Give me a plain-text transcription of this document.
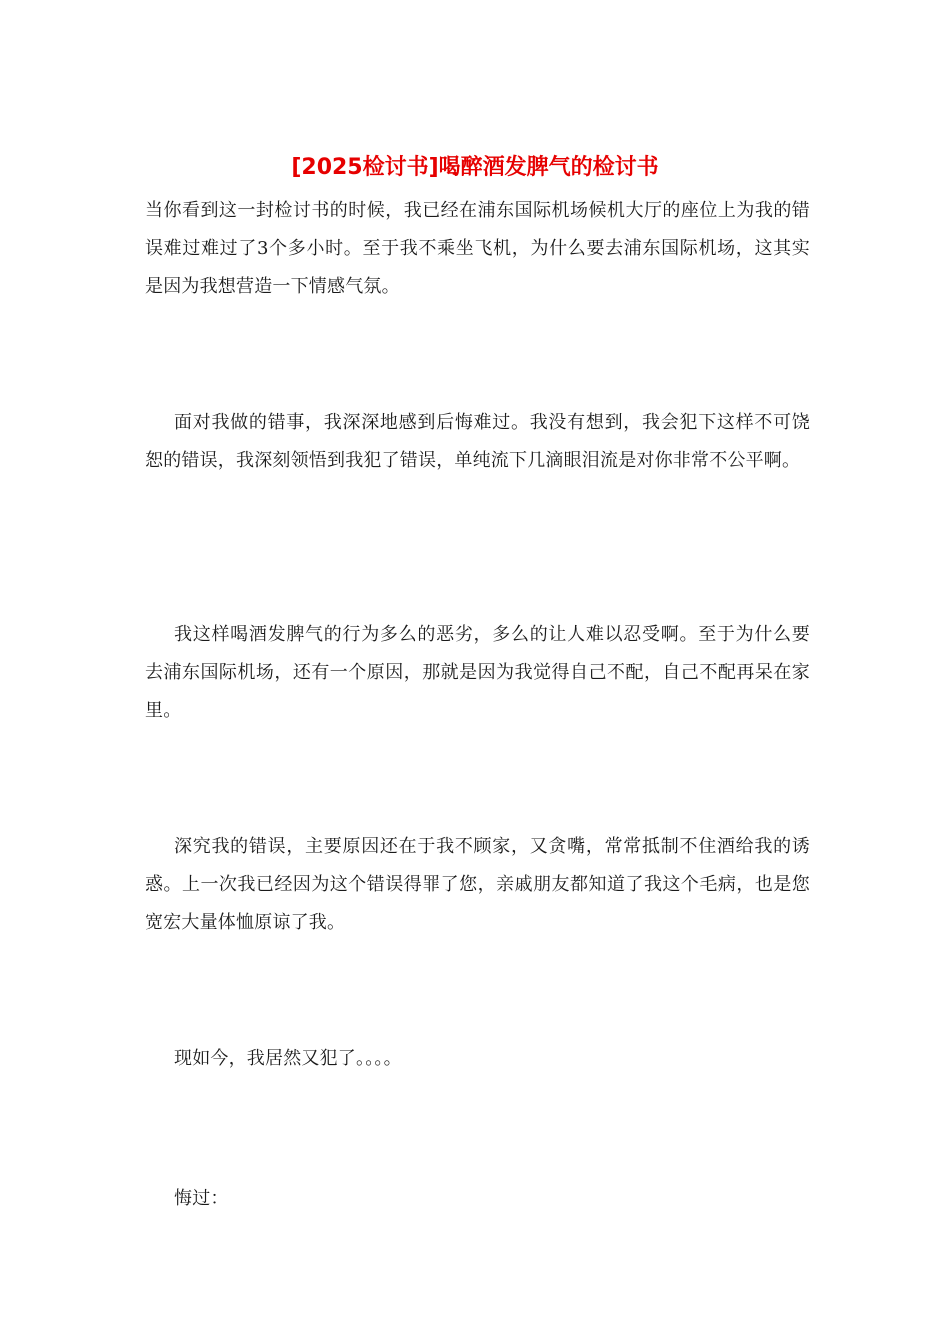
[2025检讨书]喝醉酒发脾气的检讨书

当你看到这一封检讨书的时候，我已经在浦东国际机场候机大厅的座位上为我的错误难过难过了3个多小时。至于我不乘坐飞机，为什么要去浦东国际机场，这其实是因为我想营造一下情感气氛。

面对我做的错事，我深深地感到后悔难过。我没有想到，我会犯下这样不可饶恕的错误，我深刻领悟到我犯了错误，单纯流下几滴眼泪流是对你非常不公平啊。

我这样喝酒发脾气的行为多么的恶劣，多么的让人难以忍受啊。至于为什么要去浦东国际机场，还有一个原因，那就是因为我觉得自己不配，自己不配再呆在家里。

深究我的错误，主要原因还在于我不顾家，又贪嘴，常常抵制不住酒给我的诱惑。上一次我已经因为这个错误得罪了您，亲戚朋友都知道了我这个毛病，也是您宽宏大量体恤原谅了我。

现如今，我居然又犯了。。。。

悔过：
